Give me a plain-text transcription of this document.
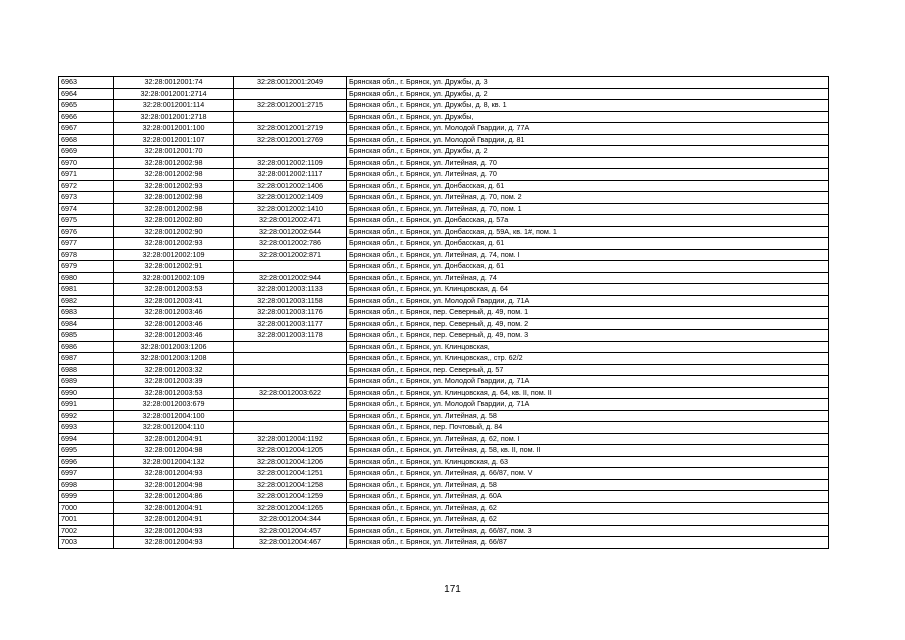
6963	32:28:0012001:74	32:28:0012001:2049	Брянская обл., г. Брянск, ул. Дружбы, д. 3
6964	32:28:0012001:2714		Брянская обл., г. Брянск, ул. Дружбы, д. 2
6965	32:28:0012001:114	32:28:0012001:2715	Брянская обл., г. Брянск, ул. Дружбы, д. 8, кв. 1
6966	32:28:0012001:2718		Брянская обл., г. Брянск, ул. Дружбы,
6967	32:28:0012001:100	32:28:0012001:2719	Брянская обл., г. Брянск, ул. Молодой Гвардии, д. 77А
6968	32:28:0012001:107	32:28:0012001:2769	Брянская обл., г. Брянск, ул. Молодой Гвардии, д. 81
6969	32:28:0012001:70		Брянская обл., г. Брянск, ул. Дружбы, д. 2
6970	32:28:0012002:98	32:28:0012002:1109	Брянская обл., г. Брянск, ул. Литейная, д. 70
6971	32:28:0012002:98	32:28:0012002:1117	Брянская обл., г. Брянск, ул. Литейная, д. 70
6972	32:28:0012002:93	32:28:0012002:1406	Брянская обл., г. Брянск, ул. Донбасская, д. 61
6973	32:28:0012002:98	32:28:0012002:1409	Брянская обл., г. Брянск, ул. Литейная, д. 70, пом. 2
6974	32:28:0012002:98	32:28:0012002:1410	Брянская обл., г. Брянск, ул. Литейная, д. 70, пом. 1
6975	32:28:0012002:80	32:28:0012002:471	Брянская обл., г. Брянск, ул. Донбасская, д. 57а
6976	32:28:0012002:90	32:28:0012002:644	Брянская обл., г. Брянск, ул. Донбасская, д. 59А, кв. 1#, пом. 1
6977	32:28:0012002:93	32:28:0012002:786	Брянская обл., г. Брянск, ул. Донбасская, д. 61
6978	32:28:0012002:109	32:28:0012002:871	Брянская обл., г. Брянск, ул. Литейная, д. 74, пом. I
6979	32:28:0012002:91		Брянская обл., г. Брянск, ул. Донбасская, д. 61
6980	32:28:0012002:109	32:28:0012002:944	Брянская обл., г. Брянск, ул. Литейная, д. 74
6981	32:28:0012003:53	32:28:0012003:1133	Брянская обл., г. Брянск, ул. Клинцовская, д. 64
6982	32:28:0012003:41	32:28:0012003:1158	Брянская обл., г. Брянск, ул. Молодой Гвардии, д. 71А
6983	32:28:0012003:46	32:28:0012003:1176	Брянская обл., г. Брянск, пер. Северный, д. 49, пом. 1
6984	32:28:0012003:46	32:28:0012003:1177	Брянская обл., г. Брянск, пер. Северный, д. 49, пом. 2
6985	32:28:0012003:46	32:28:0012003:1178	Брянская обл., г. Брянск, пер. Северный, д. 49, пом. 3
6986	32:28:0012003:1206		Брянская обл., г. Брянск, ул. Клинцовская,
6987	32:28:0012003:1208		Брянская обл., г. Брянск, ул. Клинцовская,, стр. 62/2
6988	32:28:0012003:32		Брянская обл., г. Брянск, пер. Северный, д. 57
6989	32:28:0012003:39		Брянская обл., г. Брянск, ул. Молодой Гвардии, д. 71А
6990	32:28:0012003:53	32:28:0012003:622	Брянская обл., г. Брянск, ул. Клинцовская, д. 64, кв. II, пом. II
6991	32:28:0012003:679		Брянская обл., г. Брянск, ул. Молодой Гвардии, д. 71А
6992	32:28:0012004:100		Брянская обл., г. Брянск, ул. Литейная, д. 58
6993	32:28:0012004:110		Брянская обл., г. Брянск, пер. Почтовый, д. 84
6994	32:28:0012004:91	32:28:0012004:1192	Брянская обл., г. Брянск, ул. Литейная, д. 62, пом. I
6995	32:28:0012004:98	32:28:0012004:1205	Брянская обл., г. Брянск, ул. Литейная, д. 58, кв. II, пом. II
6996	32:28:0012004:132	32:28:0012004:1206	Брянская обл., г. Брянск, ул. Клинцовская, д. 63
6997	32:28:0012004:93	32:28:0012004:1251	Брянская обл., г. Брянск, ул. Литейная, д. 66/87, пом. V
6998	32:28:0012004:98	32:28:0012004:1258	Брянская обл., г. Брянск, ул. Литейная, д. 58
6999	32:28:0012004:86	32:28:0012004:1259	Брянская обл., г. Брянск, ул. Литейная, д. 60А
7000	32:28:0012004:91	32:28:0012004:1265	Брянская обл., г. Брянск, ул. Литейная, д. 62
7001	32:28:0012004:91	32:28:0012004:344	Брянская обл., г. Брянск, ул. Литейная, д. 62
7002	32:28:0012004:93	32:28:0012004:457	Брянская обл., г. Брянск, ул. Литейная, д. 66/87, пом. 3
7003	32:28:0012004:93	32:28:0012004:467	Брянская обл., г. Брянск, ул. Литейная, д. 66/87
171
